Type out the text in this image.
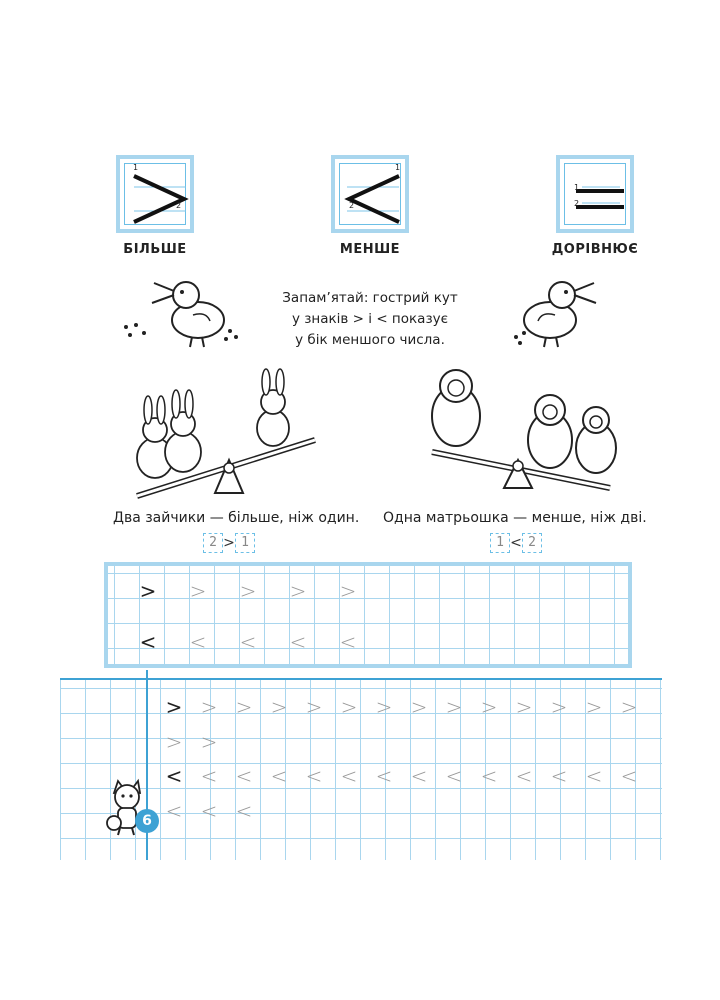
1
2
БІЛЬШЕ
1
2
МЕНШЕ
1
2
ДОРІВНЮЄ
Запам’ятай: гострий кут
у знаків > і < показує
у бік меншого числа.
Два зайчики — більше, ніж один. Одна матрьошка — менше, ніж дві.
2 > 1	1 < 2
> > > > >
< < < < <
> > > > > > > > > > > > > >
> >
< < < < < < < < < < < < < <
< < <
6
